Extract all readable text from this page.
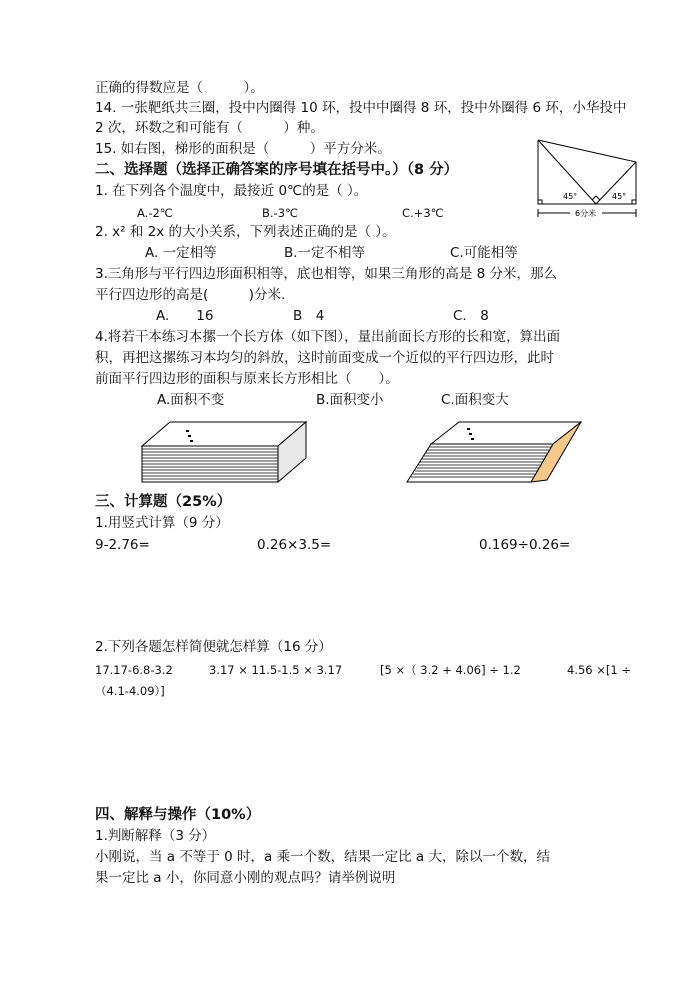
正确的得数应是（　　　）。
14. 一张靶纸共三圈，投中内圈得 10 环，投中中圈得 8 环，投中外圈得 6 环，小华投中
2 次，环数之和可能有（　　　）种。
15. 如右图，梯形的面积是（　　　）平方分米。
45°	45°
6分米
二、选择题（选择正确答案的序号填在括号中。）（8 分）
1. 在下列各个温度中，最接近 0℃的是（ ）。
A.-2℃	B.-3℃	C.+3℃
2. x² 和 2x 的大小关系，下列表述正确的是（ ）。
A. 一定相等	B.一定不相等	C.可能相等
3.三角形与平行四边形面积相等，底也相等，如果三角形的高是 8 分米，那么
平行四边形的高是(　　　)分米.
A.　　16	B　4	C.　8
4.将若干本练习本摞一个长方体（如下图），量出前面长方形的长和宽，算出面
积，再把这摞练习本均匀的斜放，这时前面变成一个近似的平行四边形，此时
前面平行四边形的面积与原来长方形相比（　　）。
A.面积不变	B.面积变小	C.面积变大
三、计算题（25%）
1.用竖式计算（9 分）
9-2.76=	0.26×3.5=	0.169÷0.26=
2.下列各题怎样简便就怎样算（16 分）
17.17-6.8-3.2	3.17 × 11.5-1.5 × 3.17	[5 ×（ 3.2 + 4.06] ÷ 1.2	4.56 ×[1 ÷
（4.1-4.09）]
四、解释与操作（10%）
1.判断解释（3 分）
小刚说，当 a 不等于 0 时，a 乘一个数，结果一定比 a 大，除以一个数，结
果一定比 a 小，你同意小刚的观点吗？请举例说明
